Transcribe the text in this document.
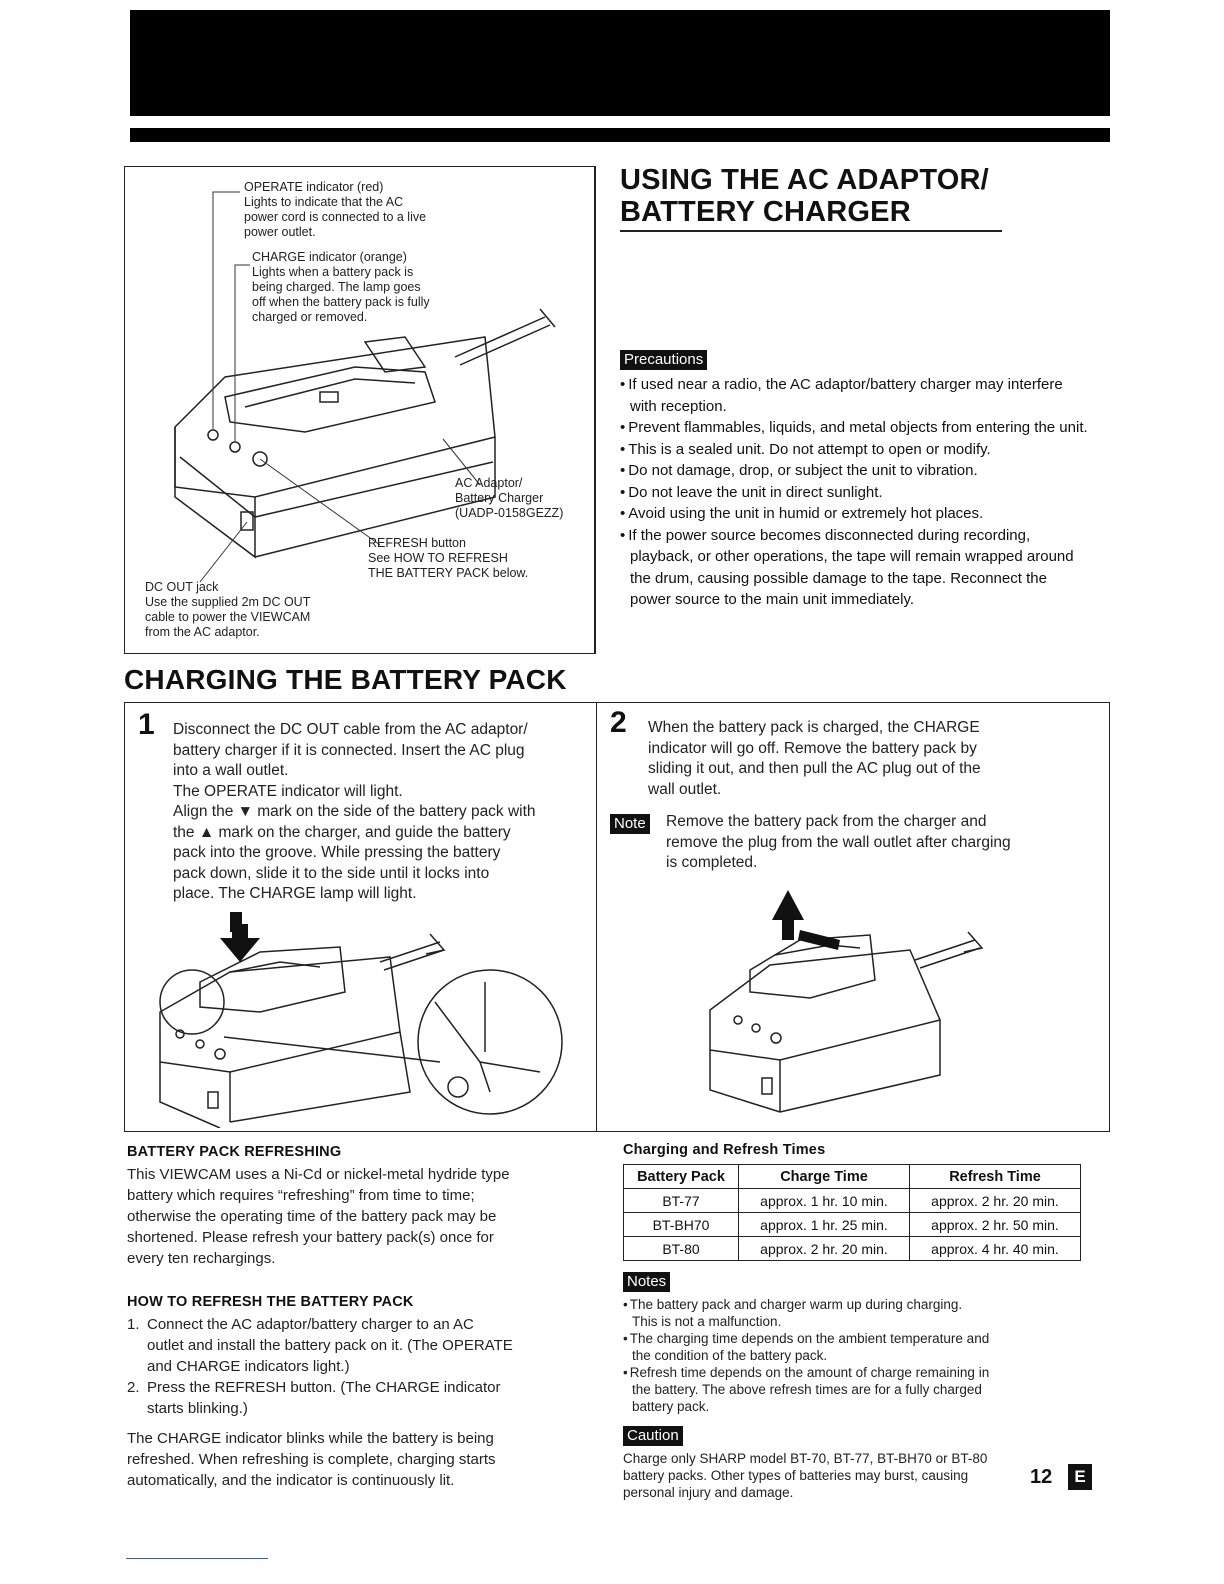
OPERATE indicator (red)
Lights to indicate that the AC
power cord is connected to a live
power outlet.
CHARGE indicator (orange)
Lights when a battery pack is
being charged. The lamp goes
off when the battery pack is fully
charged or removed.
AC Adaptor/
Battery Charger
(UADP-0158GEZZ)
REFRESH button
See HOW TO REFRESH
THE BATTERY PACK below.
DC OUT jack
Use the supplied 2m DC OUT
cable to power the VIEWCAM
from the AC adaptor.
USING THE AC ADAPTOR/
BATTERY CHARGER
Precautions
• If used near a radio, the AC adaptor/battery charger may interfere with reception.
• Prevent flammables, liquids, and metal objects from entering the unit.
• This is a sealed unit. Do not attempt to open or modify.
• Do not damage, drop, or subject the unit to vibration.
• Do not leave the unit in direct sunlight.
• Avoid using the unit in humid or extremely hot places.
• If the power source becomes disconnected during recording, playback, or other operations, the tape will remain wrapped around the drum, causing possible damage to the tape. Reconnect the power source to the main unit immediately.
CHARGING THE BATTERY PACK
1 Disconnect the DC OUT cable from the AC adaptor/
battery charger if it is connected. Insert the AC plug
into a wall outlet.
The OPERATE indicator will light.
Align the ▼ mark on the side of the battery pack with
the ▲ mark on the charger, and guide the battery
pack into the groove. While pressing the battery
pack down, slide it to the side until it locks into
place. The CHARGE lamp will light.
2 When the battery pack is charged, the CHARGE
indicator will go off. Remove the battery pack by
sliding it out, and then pull the AC plug out of the
wall outlet.
Note Remove the battery pack from the charger and
remove the plug from the wall outlet after charging
is completed.
BATTERY PACK REFRESHING
This VIEWCAM uses a Ni-Cd or nickel-metal hydride type
battery which requires “refreshing” from time to time;
otherwise the operating time of the battery pack may be
shortened. Please refresh your battery pack(s) once for
every ten rechargings.
HOW TO REFRESH THE BATTERY PACK
1. Connect the AC adaptor/battery charger to an AC
outlet and install the battery pack on it. (The OPERATE
and CHARGE indicators light.)
2. Press the REFRESH button. (The CHARGE indicator
starts blinking.)
The CHARGE indicator blinks while the battery is being
refreshed. When refreshing is complete, charging starts
automatically, and the indicator is continuously lit.
Charging and Refresh Times
Battery Pack	Charge Time	Refresh Time
BT-77	approx. 1 hr. 10 min.	approx. 2 hr. 20 min.
BT-BH70	approx. 1 hr. 25 min.	approx. 2 hr. 50 min.
BT-80	approx. 2 hr. 20 min.	approx. 4 hr. 40 min.
Notes
• The battery pack and charger warm up during charging.
This is not a malfunction.
• The charging time depends on the ambient temperature and
the condition of the battery pack.
• Refresh time depends on the amount of charge remaining in
the battery. The above refresh times are for a fully charged
battery pack.
Caution
Charge only SHARP model BT-70, BT-77, BT-BH70 or BT-80
battery packs. Other types of batteries may burst, causing
personal injury and damage.
12	E
